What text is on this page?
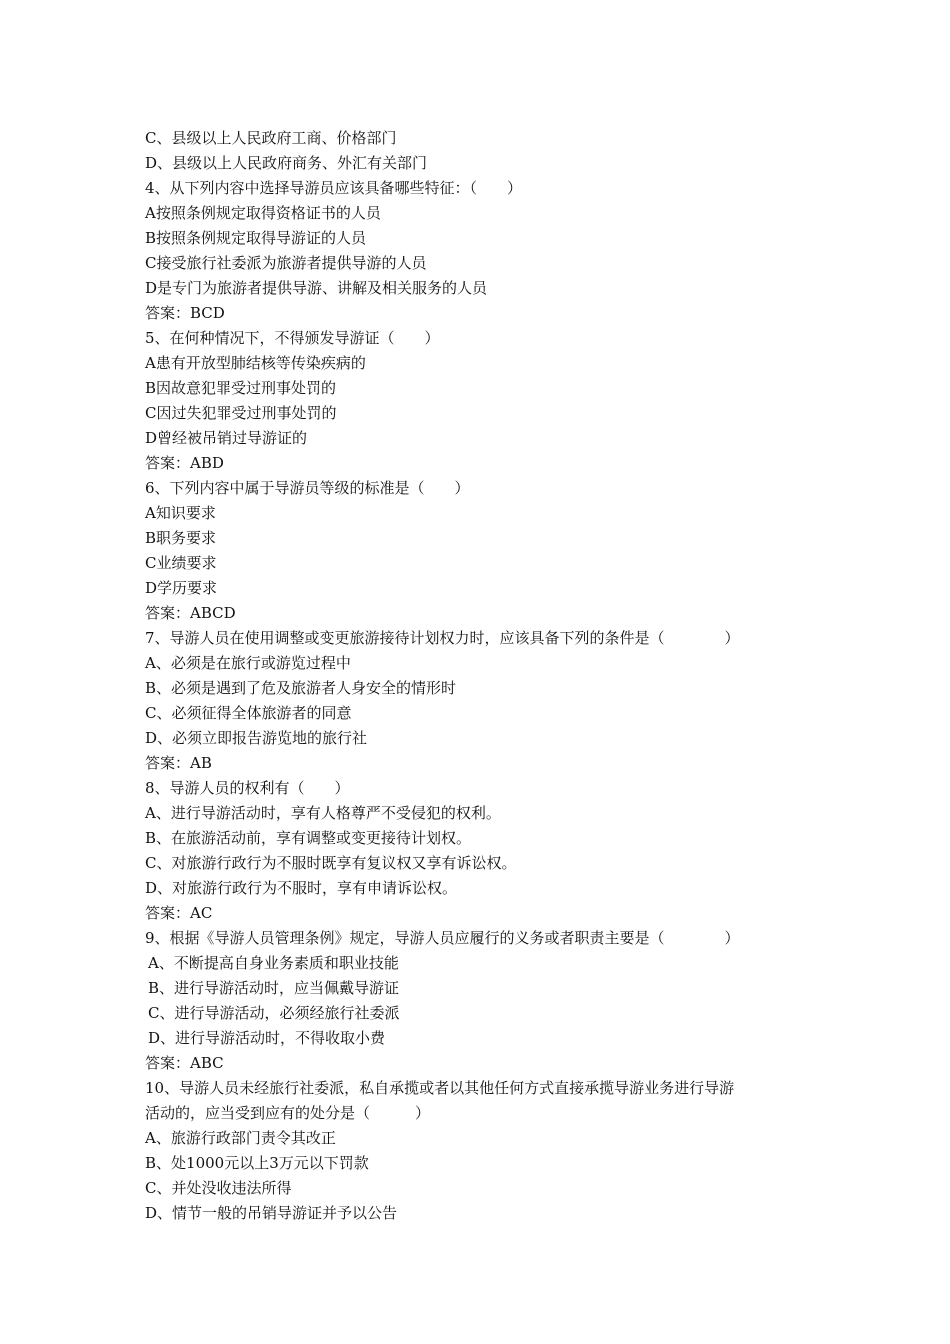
C、县级以上人民政府工商、价格部门
D、县级以上人民政府商务、外汇有关部门
4、从下列内容中选择导游员应该具备哪些特征：（　　）
A按照条例规定取得资格证书的人员
B按照条例规定取得导游证的人员
C接受旅行社委派为旅游者提供导游的人员
D是专门为旅游者提供导游、讲解及相关服务的人员
答案：BCD
5、在何种情况下，不得颁发导游证（　　）
A患有开放型肺结核等传染疾病的
B因故意犯罪受过刑事处罚的
C因过失犯罪受过刑事处罚的
D曾经被吊销过导游证的
答案：ABD
6、下列内容中属于导游员等级的标准是（　　）
A知识要求
B职务要求
C业绩要求
D学历要求
答案：ABCD
7、导游人员在使用调整或变更旅游接待计划权力时，应该具备下列的条件是（　　　　）
A、必须是在旅行或游览过程中
B、必须是遇到了危及旅游者人身安全的情形时
C、必须征得全体旅游者的同意
D、必须立即报告游览地的旅行社
答案：AB
8、导游人员的权利有（　　）
A、进行导游活动时，享有人格尊严不受侵犯的权利。
B、在旅游活动前，享有调整或变更接待计划权。
C、对旅游行政行为不服时既享有复议权又享有诉讼权。
D、对旅游行政行为不服时，享有申请诉讼权。
答案：AC
9、根据《导游人员管理条例》规定，导游人员应履行的义务或者职责主要是（　　　　）
A、不断提高自身业务素质和职业技能
B、进行导游活动时，应当佩戴导游证
C、进行导游活动，必须经旅行社委派
D、进行导游活动时，不得收取小费
答案：ABC
10、导游人员未经旅行社委派，私自承揽或者以其他任何方式直接承揽导游业务进行导游
活动的，应当受到应有的处分是（　　　）
A、旅游行政部门责令其改正
B、处1000元以上3万元以下罚款
C、并处没收违法所得
D、情节一般的吊销导游证并予以公告
